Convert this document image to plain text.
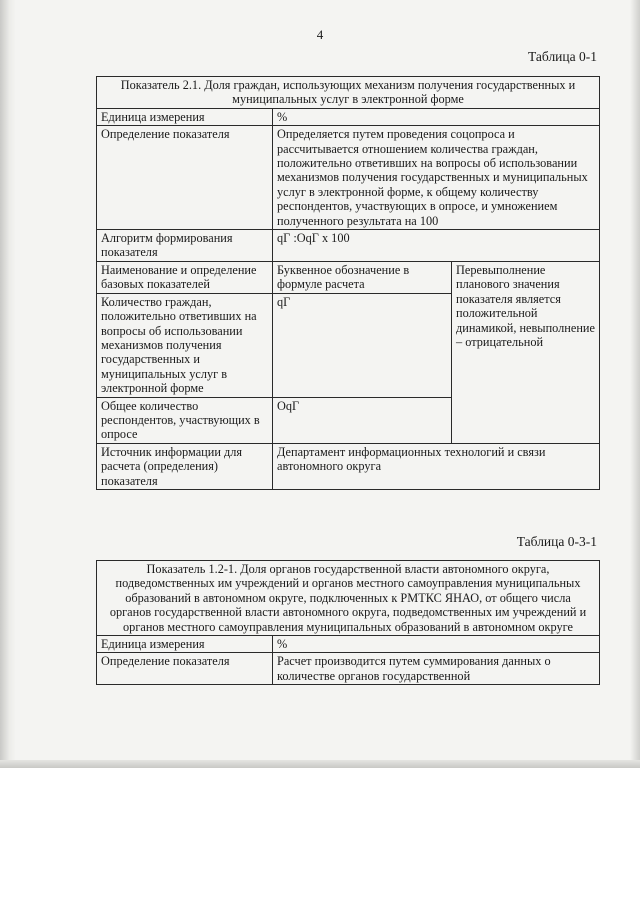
4
Таблица 0-1
Показатель 2.1. Доля граждан, использующих механизм получения государственных и муниципальных услуг в электронной форме		
Единица измерения	%	
Определение показателя	Определяется путем проведения соцопроса и рассчитывается отношением количества граждан, положительно ответивших на вопросы об использовании механизмов получения государственных и муниципальных услуг в электронной форме, к общему количеству респондентов, участвующих в опросе, и умножением полученного результата на 100	
Алгоритм формирования показателя	qГ :OqГ x 100	
Наименование и определение базовых показателей	Буквенное обозначение в формуле расчета	Перевыполнение планового значения показателя является положительной динамикой, невыполнение – отрицательной
Количество граждан, положительно ответивших на вопросы об использовании механизмов получения государственных и муниципальных услуг в электронной форме	qГ	
Общее количество респондентов, участвующих в опросе	OqГ	
Источник информации для расчета (определения) показателя	Департамент информационных технологий и связи автономного округа	
Таблица 0-3-1
Показатель 1.2-1. Доля органов государственной власти автономного округа, подведомственных им учреждений и органов местного самоуправления муниципальных образований в автономном округе, подключенных к РМТКС ЯНАО, от общего числа органов государственной власти автономного округа, подведомственных им учреждений и органов местного самоуправления муниципальных образований в автономном округе	
Единица измерения	%
Определение показателя	Расчет производится путем суммирования данных о количестве органов государственной
